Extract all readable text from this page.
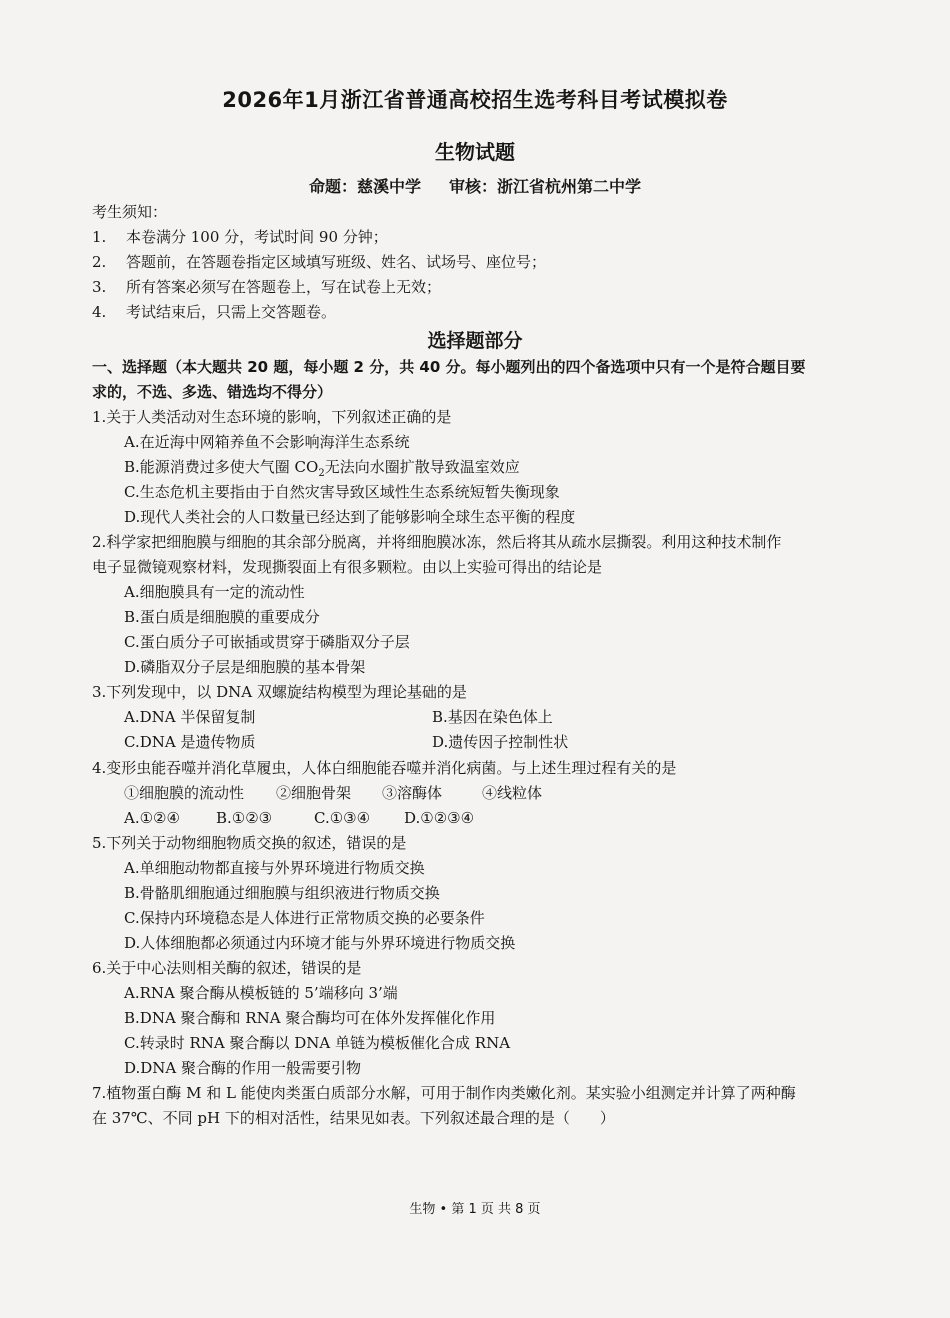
2026年1月浙江省普通高校招生选考科目考试模拟卷
生物试题
命题：慈溪中学 审核：浙江省杭州第二中学
考生须知：
1. 本卷满分 100 分，考试时间 90 分钟；
2. 答题前，在答题卷指定区域填写班级、姓名、试场号、座位号；
3. 所有答案必须写在答题卷上，写在试卷上无效；
4. 考试结束后，只需上交答题卷。
选择题部分
一、选择题（本大题共 20 题，每小题 2 分，共 40 分。每小题列出的四个备选项中只有一个是符合题目要
求的，不选、多选、错选均不得分）
1.关于人类活动对生态环境的影响，下列叙述正确的是
A.在近海中网箱养鱼不会影响海洋生态系统
B.能源消费过多使大气圈 $CO_2$无法向水圈扩散导致温室效应
C.生态危机主要指由于自然灾害导致区域性生态系统短暂失衡现象
D.现代人类社会的人口数量已经达到了能够影响全球生态平衡的程度
2.科学家把细胞膜与细胞的其余部分脱离，并将细胞膜冰冻，然后将其从疏水层撕裂。利用这种技术制作
电子显微镜观察材料，发现撕裂面上有很多颗粒。由以上实验可得出的结论是
A.细胞膜具有一定的流动性
B.蛋白质是细胞膜的重要成分
C.蛋白质分子可嵌插或贯穿于磷脂双分子层
D.磷脂双分子层是细胞膜的基本骨架
3.下列发现中，以 DNA 双螺旋结构模型为理论基础的是
A.DNA 半保留复制	B.基因在染色体上
C.DNA 是遗传物质	D.遗传因子控制性状
4.变形虫能吞噬并消化草履虫，人体白细胞能吞噬并消化病菌。与上述生理过程有关的是
①细胞膜的流动性 ②细胞骨架 ③溶酶体	④线粒体
A.①②④ B.①②③	C.①③④ D.①②③④
5.下列关于动物细胞物质交换的叙述，错误的是
A.单细胞动物都直接与外界环境进行物质交换
B.骨骼肌细胞通过细胞膜与组织液进行物质交换
C.保持内环境稳态是人体进行正常物质交换的必要条件
D.人体细胞都必须通过内环境才能与外界环境进行物质交换
6.关于中心法则相关酶的叙述，错误的是
A.RNA 聚合酶从模板链的 5’端移向 3’端
B.DNA 聚合酶和 RNA 聚合酶均可在体外发挥催化作用
C.转录时 RNA 聚合酶以 DNA 单链为模板催化合成 RNA
D.DNA 聚合酶的作用一般需要引物
7.植物蛋白酶 M 和 L 能使肉类蛋白质部分水解，可用于制作肉类嫩化剂。某实验小组测定并计算了两种酶
在 37℃、不同 pH 下的相对活性，结果见如表。下列叙述最合理的是（　　）
生物 • 第 1 页 共 8 页
